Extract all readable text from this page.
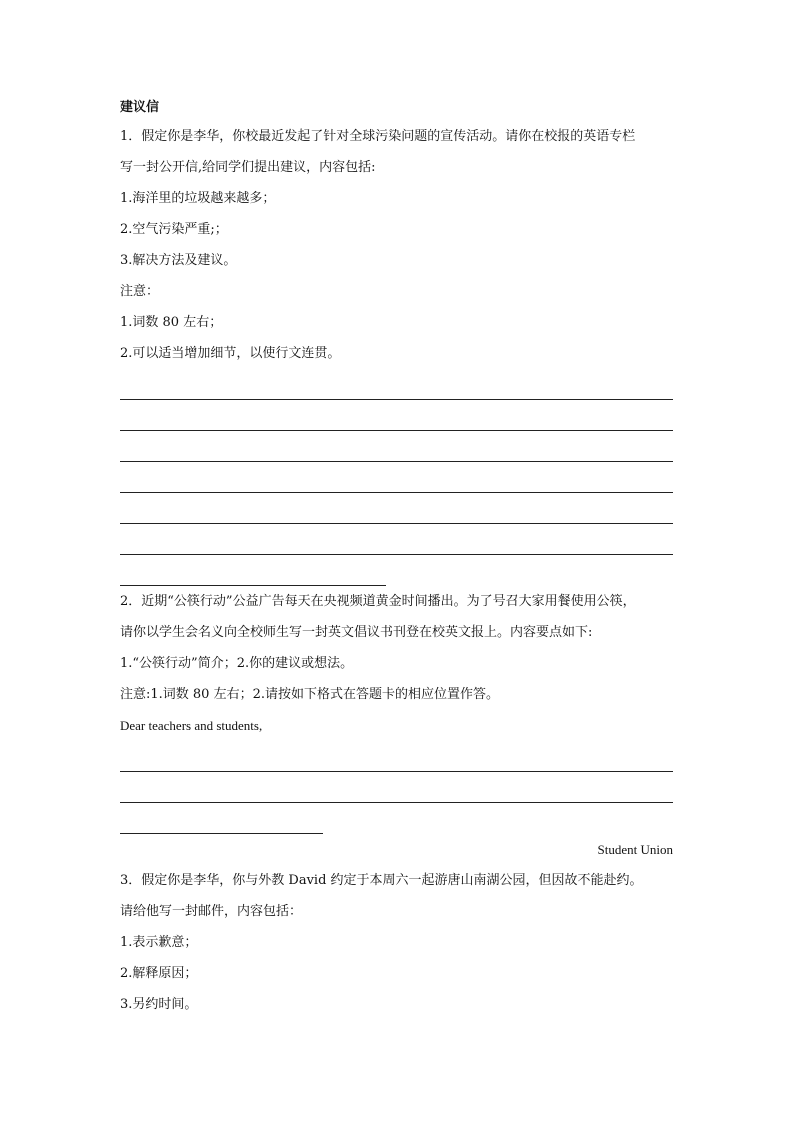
建议信
1．假定你是李华，你校最近发起了针对全球污染问题的宣传活动。请你在校报的英语专栏
写一封公开信,给同学们提出建议，内容包括:
1.海洋里的垃圾越来越多；
2.空气污染严重;；
3.解决方法及建议。
注意：
1.词数 80 左右；
2.可以适当增加细节，以使行文连贯。
2．近期“公筷行动”公益广告每天在央视频道黄金时间播出。为了号召大家用餐使用公筷，
请你以学生会名义向全校师生写一封英文倡议书刊登在校英文报上。内容要点如下:
1.“公筷行动”简介；2.你的建议或想法。
注意:1.词数 80 左右；2.请按如下格式在答题卡的相应位置作答。
Dear teachers and students,
Student Union
3．假定你是李华，你与外教 David 约定于本周六一起游唐山南湖公园，但因故不能赴约。
请给他写一封邮件，内容包括：
1.表示歉意；
2.解释原因；
3.另约时间。
